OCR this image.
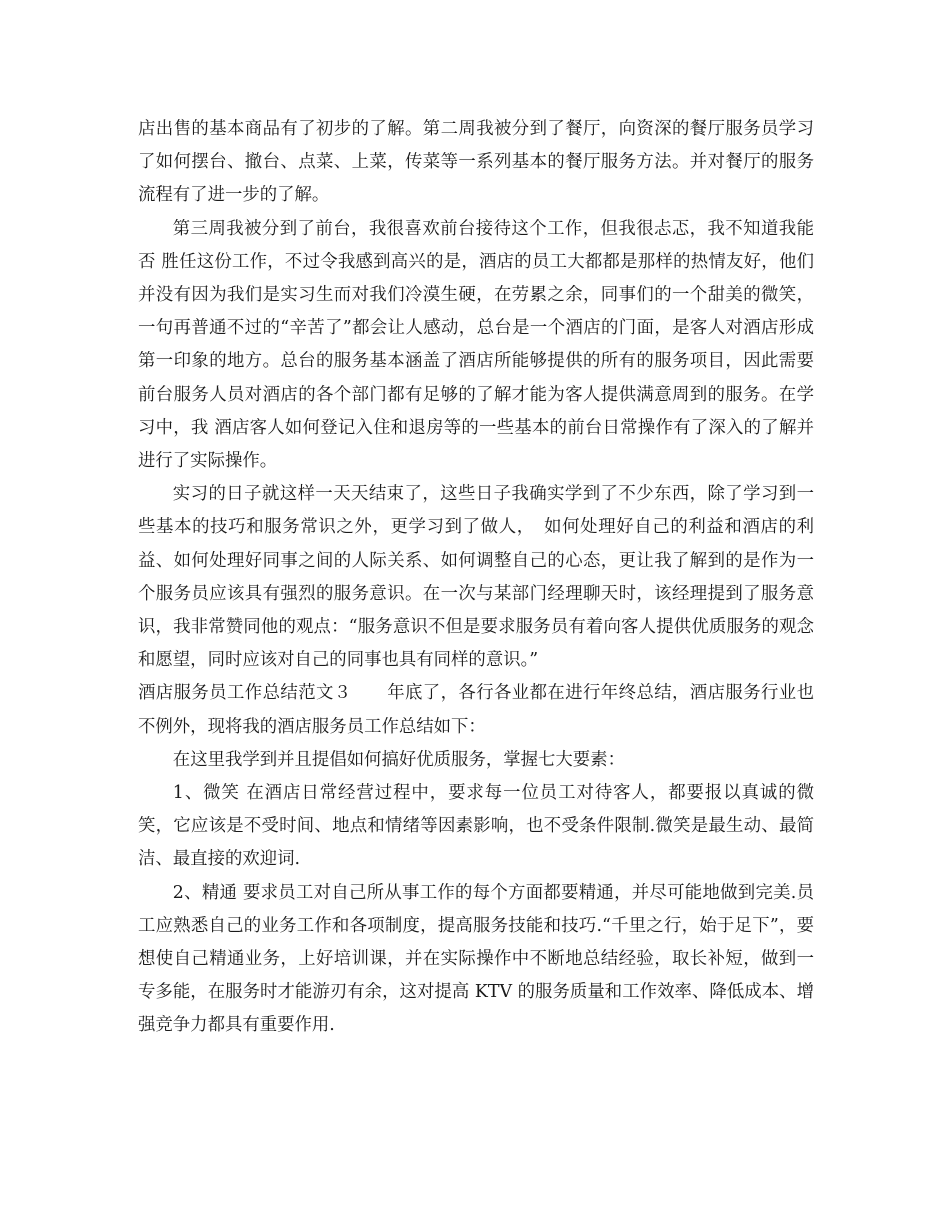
店出售的基本商品有了初步的了解。第二周我被分到了餐厅，向资深的餐厅服务员学习了如何摆台、撤台、点菜、上菜，传菜等一系列基本的餐厅服务方法。并对餐厅的服务流程有了进一步的了解。

第三周我被分到了前台，我很喜欢前台接待这个工作，但我很忐忑，我不知道我能否 胜任这份工作，不过令我感到高兴的是，酒店的员工大都都是那样的热情友好，他们并没有因为我们是实习生而对我们冷漠生硬，在劳累之余，同事们的一个甜美的微笑，一句再普通不过的“辛苦了”都会让人感动，总台是一个酒店的门面，是客人对酒店形成第一印象的地方。总台的服务基本涵盖了酒店所能够提供的所有的服务项目，因此需要前台服务人员对酒店的各个部门都有足够的了解才能为客人提供满意周到的服务。在学习中，我 酒店客人如何登记入住和退房等的一些基本的前台日常操作有了深入的了解并进行了实际操作。

实习的日子就这样一天天结束了，这些日子我确实学到了不少东西，除了学习到一些基本的技巧和服务常识之外，更学习到了做人，　如何处理好自己的利益和酒店的利益、如何处理好同事之间的人际关系、如何调整自己的心态，更让我了解到的是作为一个服务员应该具有强烈的服务意识。在一次与某部门经理聊天时，该经理提到了服务意识，我非常赞同他的观点：“服务意识不但是要求服务员有着向客人提供优质服务的观念和愿望，同时应该对自己的同事也具有同样的意识。”

酒店服务员工作总结范文３　　年底了，各行各业都在进行年终总结，酒店服务行业也不例外，现将我的酒店服务员工作总结如下：

在这里我学到并且提倡如何搞好优质服务，掌握七大要素：

1、微笑 在酒店日常经营过程中，要求每一位员工对待客人，都要报以真诚的微笑，它应该是不受时间、地点和情绪等因素影响，也不受条件限制.微笑是最生动、最简洁、最直接的欢迎词.

2、精通 要求员工对自己所从事工作的每个方面都要精通，并尽可能地做到完美.员工应熟悉自己的业务工作和各项制度，提高服务技能和技巧.“千里之行，始于足下”，要想使自己精通业务，上好培训课，并在实际操作中不断地总结经验，取长补短，做到一专多能，在服务时才能游刃有余，这对提高 KTV 的服务质量和工作效率、降低成本、增强竞争力都具有重要作用.
